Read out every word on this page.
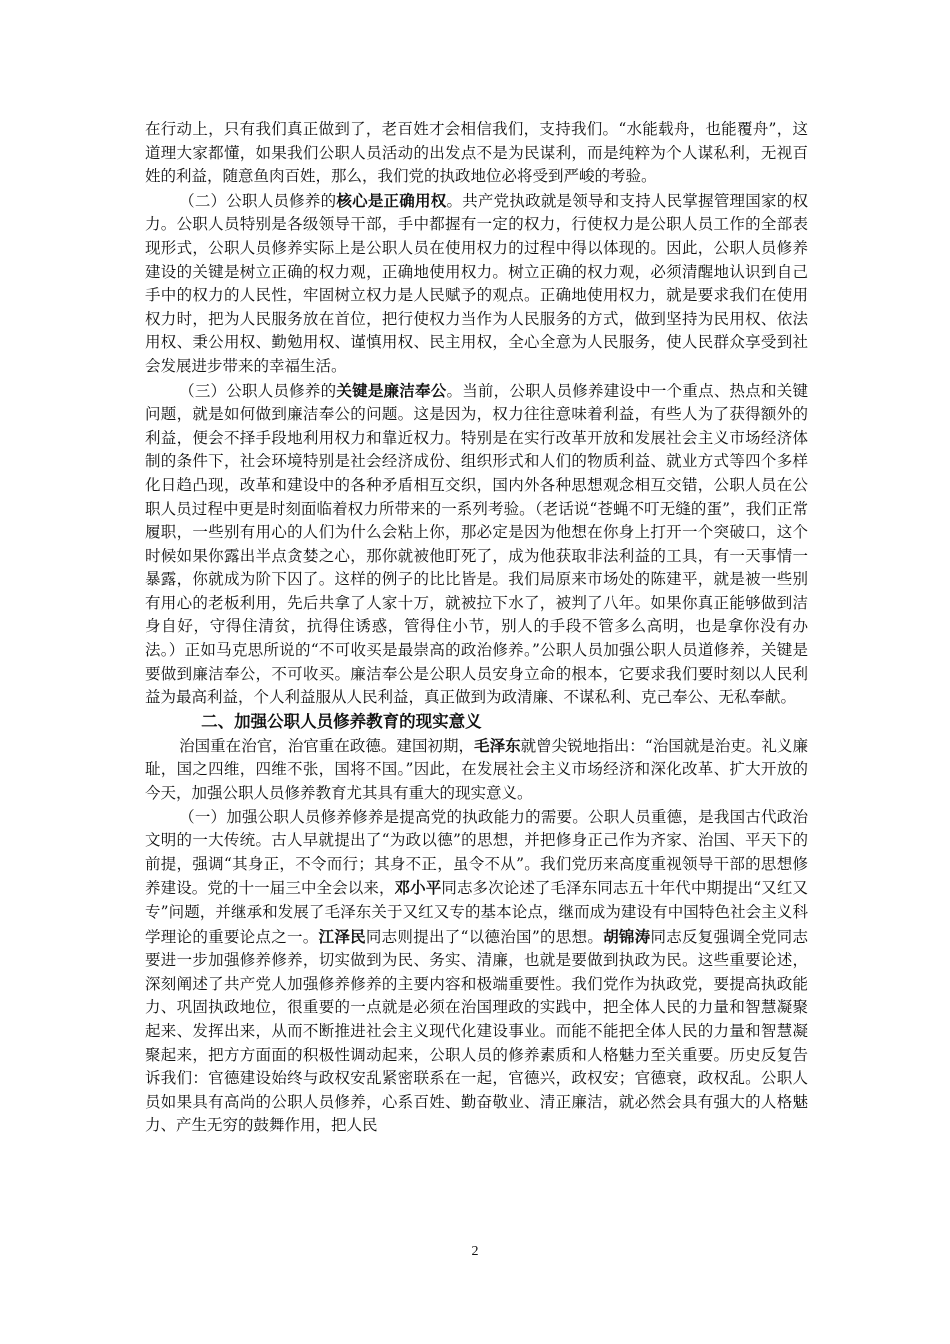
在行动上，只有我们真正做到了，老百姓才会相信我们，支持我们。“水能载舟，也能覆舟”，这道理大家都懂，如果我们公职人员活动的出发点不是为民谋利，而是纯粹为个人谋私利，无视百姓的利益，随意鱼肉百姓，那么，我们党的执政地位必将受到严峻的考验。

（二）公职人员修养的核心是正确用权。共产党执政就是领导和支持人民掌握管理国家的权力。公职人员特别是各级领导干部，手中都握有一定的权力，行使权力是公职人员工作的全部表现形式，公职人员修养实际上是公职人员在使用权力的过程中得以体现的。因此，公职人员修养建设的关键是树立正确的权力观，正确地使用权力。树立正确的权力观，必须清醒地认识到自己手中的权力的人民性，牢固树立权力是人民赋予的观点。正确地使用权力，就是要求我们在使用权力时，把为人民服务放在首位，把行使权力当作为人民服务的方式，做到坚持为民用权、依法用权、秉公用权、勤勉用权、谨慎用权、民主用权，全心全意为人民服务，使人民群众享受到社会发展进步带来的幸福生活。

（三）公职人员修养的关键是廉洁奉公。当前，公职人员修养建设中一个重点、热点和关键问题，就是如何做到廉洁奉公的问题。这是因为，权力往往意味着利益，有些人为了获得额外的利益，便会不择手段地利用权力和靠近权力。特别是在实行改革开放和发展社会主义市场经济体制的条件下，社会环境特别是社会经济成份、组织形式和人们的物质利益、就业方式等四个多样化日趋凸现，改革和建设中的各种矛盾相互交织，国内外各种思想观念相互交错，公职人员在公职人员过程中更是时刻面临着权力所带来的一系列考验。（老话说“苍蝇不叮无缝的蛋”，我们正常履职，一些别有用心的人们为什么会粘上你，那必定是因为他想在你身上打开一个突破口，这个时候如果你露出半点贪婪之心，那你就被他盯死了，成为他获取非法利益的工具，有一天事情一暴露，你就成为阶下囚了。这样的例子的比比皆是。我们局原来市场处的陈建平，就是被一些别有用心的老板利用，先后共拿了人家十万，就被拉下水了，被判了八年。如果你真正能够做到洁身自好，守得住清贫，抗得住诱惑，管得住小节，别人的手段不管多么高明，也是拿你没有办法。）正如马克思所说的“不可收买是最崇高的政治修养。”公职人员加强公职人员道修养，关键是要做到廉洁奉公，不可收买。廉洁奉公是公职人员安身立命的根本，它要求我们要时刻以人民利益为最高利益，个人利益服从人民利益，真正做到为政清廉、不谋私利、克己奉公、无私奉献。

二、加强公职人员修养教育的现实意义

治国重在治官，治官重在政德。建国初期，毛泽东就曾尖锐地指出：“治国就是治吏。礼义廉耻，国之四维，四维不张，国将不国。”因此，在发展社会主义市场经济和深化改革、扩大开放的今天，加强公职人员修养教育尤其具有重大的现实意义。

（一）加强公职人员修养修养是提高党的执政能力的需要。公职人员重德，是我国古代政治文明的一大传统。古人早就提出了“为政以德”的思想，并把修身正己作为齐家、治国、平天下的前提，强调“其身正，不令而行；其身不正，虽令不从”。我们党历来高度重视领导干部的思想修养建设。党的十一届三中全会以来，邓小平同志多次论述了毛泽东同志五十年代中期提出“又红又专”问题，并继承和发展了毛泽东关于又红又专的基本论点，继而成为建设有中国特色社会主义科学理论的重要论点之一。江泽民同志则提出了“以德治国”的思想。胡锦涛同志反复强调全党同志要进一步加强修养修养，切实做到为民、务实、清廉，也就是要做到执政为民。这些重要论述，深刻阐述了共产党人加强修养修养的主要内容和极端重要性。我们党作为执政党，要提高执政能力、巩固执政地位，很重要的一点就是必须在治国理政的实践中，把全体人民的力量和智慧凝聚起来、发挥出来，从而不断推进社会主义现代化建设事业。而能不能把全体人民的力量和智慧凝聚起来，把方方面面的积极性调动起来，公职人员的修养素质和人格魅力至关重要。历史反复告诉我们：官德建设始终与政权安乱紧密联系在一起，官德兴，政权安；官德衰，政权乱。公职人员如果具有高尚的公职人员修养，心系百姓、勤奋敬业、清正廉洁，就必然会具有强大的人格魅力、产生无穷的鼓舞作用，把人民

2
